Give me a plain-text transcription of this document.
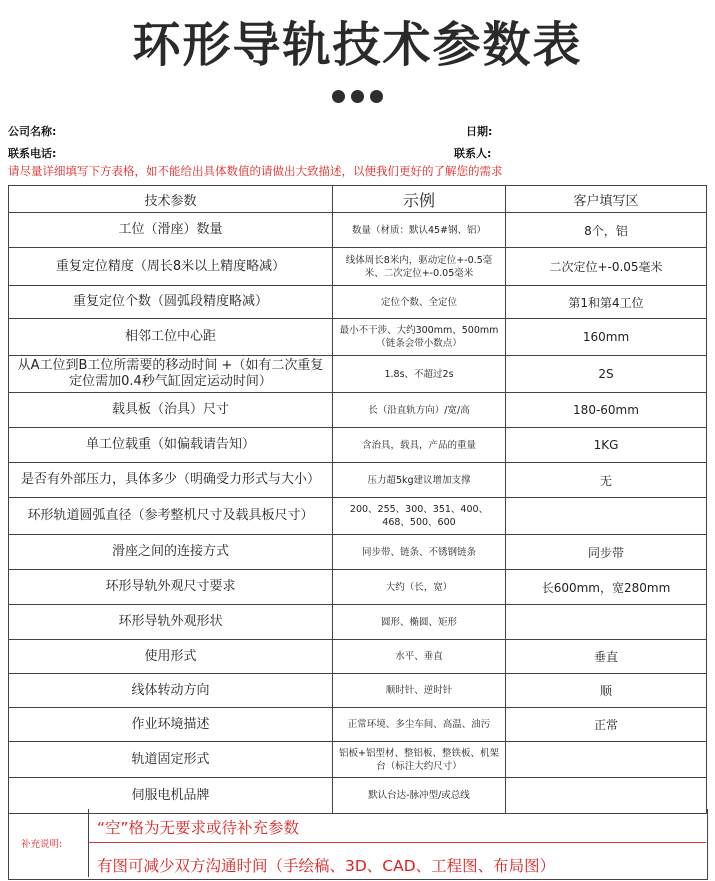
环形导轨技术参数表
公司名称:	日期:
联系电话:	联系人:
请尽量详细填写下方表格，如不能给出具体数值的请做出大致描述，以便我们更好的了解您的需求
技术参数	示例	客户填写区
工位（滑座）数量	数量（材质：默认45#钢、铝）	8个，铝
重复定位精度（周长8米以上精度略减）	线体周长8米内，驱动定位+-0.5毫米、二次定位+-0.05毫米	二次定位+-0.05毫米
重复定位个数（圆弧段精度略减）	定位个数、全定位	第1和第4工位
相邻工位中心距	最小不干涉、大约300mm、500mm（链条会带小数点）	160mm
从A工位到B工位所需要的移动时间 +（如有二次重复定位需加0.4秒气缸固定运动时间）	1.8s、不超过2s	2S
载具板（治具）尺寸	长（沿直轨方向）/宽/高	180-60mm
单工位载重（如偏载请告知）	含治具，载具，产品的重量	1KG
是否有外部压力，具体多少（明确受力形式与大小）	压力超5kg建议增加支撑	无
环形轨道圆弧直径（参考整机尺寸及载具板尺寸）	200、255、300、351、400、468、500、600	
滑座之间的连接方式	同步带、链条、不锈钢链条	同步带
环形导轨外观尺寸要求	大约（长，宽）	长600mm，宽280mm
环形导轨外观形状	圆形、椭圆、矩形	
使用形式	水平、垂直	垂直
线体转动方向	顺时针、逆时针	顺
作业环境描述	正常环境、多尘车间、高温、油污	正常
轨道固定形式	铝板+铝型材、整铝板、整铁板、机架台（标注大约尺寸）	
伺服电机品牌	默认台达-脉冲型/或总线	
补充说明:
“空”格为无要求或待补充参数
有图可减少双方沟通时间（手绘稿、3D、CAD、工程图、布局图）
